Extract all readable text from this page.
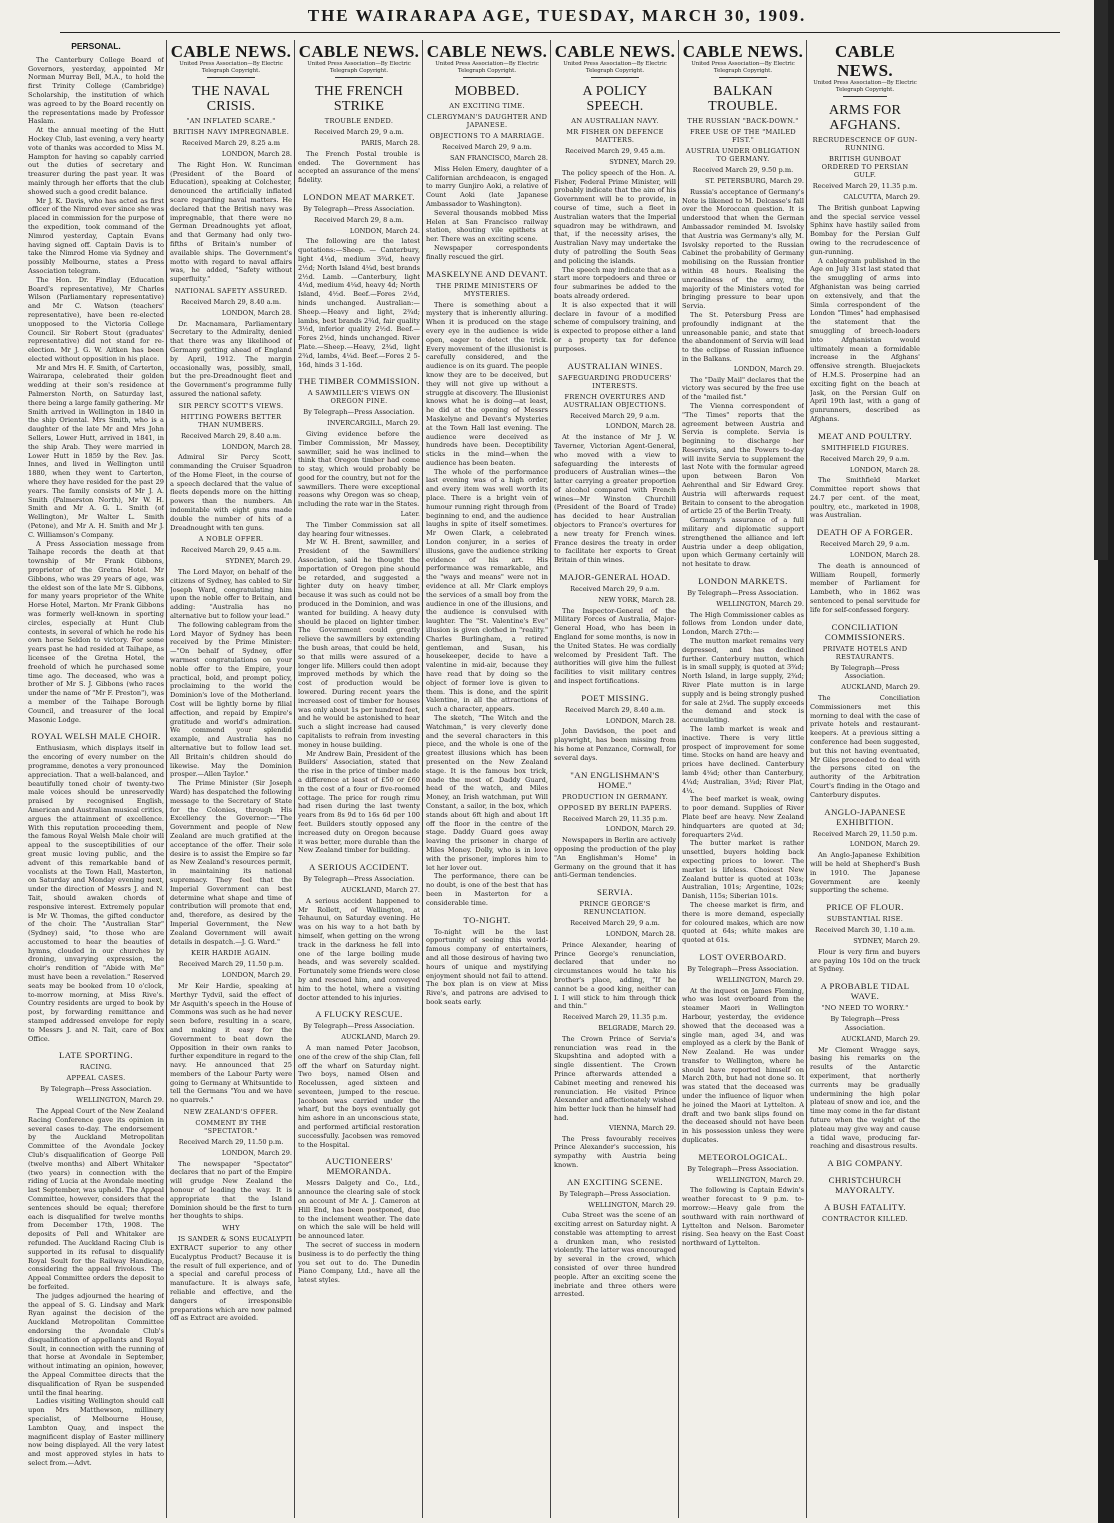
THE WAIRARAPA AGE, TUESDAY, MARCH 30, 1909.
PERSONAL.
The Canterbury College Board of Governors, yesterday, appointed Mr Norman Murray Bell, M.A., to hold the first Trinity College (Cambridge) Scholarship, the institution of which was agreed to by the Board recently on the representations made by Professor Haslam.
At the annual meeting of the Hutt Hockey Club, last evening, a very hearty vote of thanks was accorded to Miss M. Hampton for having so capably carried out the duties of secretary and treasurer during the past year. It was mainly through her efforts that the club showed such a good credit balance.
Mr J. K. Davis, who has acted as first officer of the Nimrod ever since she was placed in commission for the purpose of the expedition, took command of the Nimrod yesterday, Captain Evans having signed off. Captain Davis is to take the Nimrod Home via Sydney and possibly Melbourne, states a Press Association telegram.
The Hon. Dr. Findlay (Education Board's representative), Mr Charles Wilson (Parliamentary representative) and Mr C. Watson (teachers' representative), have been re-elected unopposed to the Victoria College Council. Sir Robert Stout (graduates' representative) did not stand for re-election. Mr J. G. W. Aitken has been elected without opposition in his place.
Mr and Mrs H. F. Smith, of Carterton, Wairarapa, celebrated their golden wedding at their son's residence at Palmerston North, on Saturday last, there being a large family gathering. Mr Smith arrived in Wellington in 1840 in the ship Oriental. Mrs Smith, who is a daughter of the late Mr and Mrs John Sellers, Lower Hutt, arrived in 1841, in the ship Arab. They were married in Lower Hutt in 1859 by the Rev. Jas. Innes, and lived in Wellington until 1880, when they went to Carterton, where they have resided for the past 29 years. The family consists of Mr J. A. Smith (Palmerston North), Mr W. H. Smith and Mr A. G. L. Smith (of Wellington), Mr Walter L. Smith (Petone), and Mr A. H. Smith and Mr J. C. Williamson's Company.
A Press Association message from Taihape records the death at that township of Mr Frank Gibbons, proprietor of the Gretna Hotel. Mr Gibbons, who was 29 years of age, was the eldest son of the late Mr S. Gibbons, for many years proprietor of the White Horse Hotel, Marton. Mr Frank Gibbons was formerly well-known in sporting circles, especially at Hunt Club contests, in several of which he rode his own horse Seldon to victory. For some years past he had resided at Taihape, as licensee of the Gretna Hotel, the freehold of which he purchased some time ago. The deceased, who was a brother of Mr S. J. Gibbons (who races under the name of "Mr F. Preston"), was a member of the Taihape Borough Council, and treasurer of the local Masonic Lodge.
ROYAL WELSH MALE CHOIR.
Enthusiasm, which displays itself in the encoring of every number on the programme, denotes a very pronounced appreciation. That a well-balanced, and beautifully toned choir of twenty-two male voices should be unreservedly praised by recognised English, American and Australian musical critics, argues the attainment of excellence. With this reputation proceeding them, the famous Royal Welsh Male choir will appeal to the susceptibilities of our great music loving public, and the advent of this remarkable band of vocalists at the Town Hall, Masterton, on Saturday and Monday evening next, under the direction of Messrs J. and N. Tait, should awaken chords of responsive interest. Extremely popular is Mr W. Thomas, the gifted conductor of the choir. The "Australian Star" (Sydney) said, "to those who are accustomed to hear the beauties of hymns, clouded in our churches by droning, unvarying expression, the choir's rendition of "Abide with Me" must have been a revelation." Reserved seats may be booked from 10 o'clock, to-morrow morning, at Miss Rive's. Country residents are urged to book by post, by forwarding remittance and stamped addressed envelope for reply to Messrs J. and N. Tait, care of Box Office.
LATE SPORTING.
RACING.
APPEAL CASES.
By Telegraph—Press Association.
WELLINGTON, March 29.
The Appeal Court of the New Zealand Racing Conference gave its opinion in several cases to-day. The endorsement by the Auckland Metropolitan Committee of the Avondale Jockey Club's disqualification of George Pell (twelve months) and Albert Whitaker (two years) in connection with the riding of Lucia at the Avondale meeting last September, was upheld. The Appeal Committee, however, considers that the sentences should be equal; therefore each is disqualified for twelve months from December 17th, 1908. The deposits of Pell and Whitaker are refunded. The Auckland Racing Club is supported in its refusal to disqualify Royal Soult for the Railway Handicap, considering the appeal frivolous. The Appeal Committee orders the deposit to be forfeited.
The judges adjourned the hearing of the appeal of S. G. Lindsay and Mark Ryan against the decision of the Auckland Metropolitan Committee endorsing the Avondale Club's disqualification of appellants and Royal Soult, in connection with the running of that horse at Avondale in September, without intimating an opinion, however, the Appeal Committee directs that the disqualification of Ryan be suspended until the final hearing.
Ladies visiting Wellington should call upon Mrs Matthewson, millinery specialist, of Melbourne House, Lambton Quay, and inspect the magnificent display of Easter millinery now being displayed. All the very latest and most approved styles in hats to select from.—Advt.
CABLE NEWS.
United Press Association—By Electric Telegraph Copyright.
THE NAVAL CRISIS.
"AN INFLATED SCARE."
BRITISH NAVY IMPREGNABLE.
Received March 29, 8.25 a.m
LONDON, March 28.
The Right Hon. W. Runciman (President of the Board of Education), speaking at Colchester, denounced the artificially inflated scare regarding naval matters. He declared that the British navy was impregnable, that there were no German Dreadnoughts yet afloat, and that Germany had only two-fifths of Britain's number of available ships. The Government's motto with regard to naval affairs was, he added, "Safety without superfluity."
NATIONAL SAFETY ASSURED.
Received March 29, 8.40 a.m.
LONDON, March 28.
Dr. Macnamara, Parliamentary Secretary to the Admiralty, denied that there was any likelihood of Germany getting ahead of England by April, 1912. The margin occasionally was, possibly, small, but the pre-Dreadnought fleet and the Government's programme fully assured the national safety.
SIR PERCY SCOTT'S VIEWS.
HITTING POWERS BETTER THAN NUMBERS.
Received March 29, 8.40 a.m.
LONDON, March 28.
Admiral Sir Percy Scott, commanding the Cruiser Squadron of the Home Fleet, in the course of a speech declared that the value of fleets depends more on the hitting powers than the numbers. An indomitable with eight guns made double the number of hits of a Dreadnought with ten guns.
A NOBLE OFFER.
Received March 29, 9.45 a.m.
SYDNEY, March 29.
The Lord Mayor, on behalf of the citizens of Sydney, has cabled to Sir Joseph Ward, congratulating him upon the noble offer to Britain, and adding: "Australia has no alternative but to follow your lead."
The following cablegram from the Lord Mayor of Sydney has been received by the Prime Minister:—"On behalf of Sydney, offer warmest congratulations on your noble offer to the Empire, your practical, bold, and prompt policy, proclaiming to the world the Dominion's love of the Motherland. Cost will be lightly borne by filial affection, and repaid by Empire's gratitude and world's admiration. We commend your splendid example, and Australia has no alternative but to follow lead set. All Britain's children should do likewise. May the Dominion prosper.—Allen Taylor."
The Prime Minister (Sir Joseph Ward) has despatched the following message to the Secretary of State for the Colonies, through His Excellency the Governor:—"The Government and people of New Zealand are much gratified at the acceptance of the offer. Their sole desire is to assist the Empire so far as New Zealand's resources permit, in maintaining its national supremacy. They feel that the Imperial Government can best determine what shape and time of contribution will promote that end, and, therefore, as desired by the Imperial Government, the New Zealand Government will await details in despatch.—J. G. Ward."
KEIR HARDIE AGAIN.
Received March 29, 11.50 p.m.
LONDON, March 29.
Mr Keir Hardie, speaking at Merthyr Tydvil, said the effect of Mr Asquith's speech in the House of Commons was such as he had never seen before, resulting in a scare, and making it easy for the Government to beat down the Opposition in their own ranks to further expenditure in regard to the navy. He announced that 25 members of the Labour Party were going to Germany at Whitsuntide to tell the Germans "You and we have no quarrels."
NEW ZEALAND'S OFFER.
COMMENT BY THE "SPECTATOR."
Received March 29, 11.50 p.m.
LONDON, March 29.
The newspaper "Spectator" declares that no part of the Empire will grudge New Zealand the honour of leading the way. It is appropriate that the Island Dominion should be the first to turn her thoughts to ships.
WHY
IS SANDER & SONS EUCALYPTI EXTRACT superior to any other Eucalyptus Product? Because it is the result of full experience, and of a special and careful process of manufacture. It is always safe, reliable and effective, and the dangers of irresponsible preparations which are now palmed off as Extract are avoided.
CABLE NEWS.
United Press Association—By Electric Telegraph Copyright.
THE FRENCH STRIKE
TROUBLE ENDED.
Received March 29, 9 a.m.
PARIS, March 28.
The French Postal trouble is ended. The Government has accepted an assurance of the mens' fidelity.
LONDON MEAT MARKET.
By Telegraph—Press Association.
Received March 29, 8 a.m.
LONDON, March 24.
The following are the latest quotations:—Sheep. — Canterbury, light 4¼d, medium 3¾d, heavy 2½d; North Island 4¼d, best brands 2½d. Lamb. —Canterbury, light 4¼d, medium 4¼d, heavy 4d; North Island, 4½d. Beef.—Fores 2½d, hinds unchanged. Australian:—Sheep.—Heavy and light, 2¾d; lambs, best brands 2¾d, fair quality 3½d, inferior quality 2½d. Beef.—Fores 2½d, hinds unchanged. River Plate.—Sheep.—Heavy, 2¾d, light 2¾d, lambs, 4¼d. Beef.—Fores 2 5-16d, hinds 3 1-16d.
THE TIMBER COMMISSION.
A SAWMILLER'S VIEWS ON OREGON PINE.
By Telegraph—Press Association.
INVERCARGILL, March 29.
Giving evidence before the Timber Commission, Mr Massey, sawmiller, said he was inclined to think that Oregon timber had come to stay, which would probably be good for the country, but not for the sawmillers. There were exceptional reasons why Oregon was so cheap, including the rate war in the States.
Later.
The Timber Commission sat all day hearing four witnesses.
Mr W. H. Brent, sawmiller, and President of the Sawmillers' Association, said he thought the importation of Oregon pine should be retarded, and suggested a lighter duty on heavy timber, because it was such as could not be produced in the Dominion, and was wanted for building. A heavy duty should be placed on lighter timber. The Government could greatly relieve the sawmillers by extending the bush areas, that could be held, so that mills were assured of a longer life. Millers could then adopt improved methods by which the cost of production would be lowered. During recent years the increased cost of timber for houses was only about 1s per hundred feet, and he would be astonished to hear such a slight increase had caused capitalists to refrain from investing money in house building.
Mr Andrew Bain, President of the Builders' Association, stated that the rise in the price of timber made a difference at least of £50 or £60 in the cost of a four or five-roomed cottage. The price for rough rimu had risen during the last twenty years from 8s 9d to 16s 6d per 100 feet. Builders stoutly opposed any increased duty on Oregon because it was better, more durable than the New Zealand timber for building.
A SERIOUS ACCIDENT.
By Telegraph—Press Association.
AUCKLAND, March 27.
A serious accident happened to Mr Rollett, of Wellington, at Tehaunui, on Saturday evening. He was on his way to a hot bath by himself, when getting on the wrong track in the darkness he fell into one of the large boiling mude heads, and was severely scalded. Fortunately some friends were close by and rescued him, and conveyed him to the hotel, where a visiting doctor attended to his injuries.
A FLUCKY RESCUE.
By Telegraph—Press Association.
AUCKLAND, March 29.
A man named Peter Jacobson, one of the crew of the ship Clan, fell off the wharf on Saturday night. Two boys, named Olsen and Rocelussen, aged sixteen and seventeen, jumped to the rescue. Jacobson was carried under the wharf, but the boys eventually got him ashore in an unconscious state, and performed artificial restoration successfully. Jacobsen was removed to the Hospital.
AUCTIONEERS' MEMORANDA.
Messrs Dalgety and Co., Ltd., announce the clearing sale of stock on account of Mr A. J. Cameron at Hill End, has been postponed, due to the inclement weather. The date on which the sale will be held will be announced later.
The secret of success in modern business is to do perfectly the thing you set out to do. The Dunedin Piano Company, Ltd., have all the latest styles.
CABLE NEWS.
United Press Association—By Electric Telegraph Copyright.
MOBBED.
AN EXCITING TIME.
CLERGYMAN'S DAUGHTER AND JAPANESE.
OBJECTIONS TO A MARRIAGE.
Received March 29, 9 a.m.
SAN FRANCISCO, March 28.
Miss Helen Emery, daughter of a Californian archdeacon, is engaged to marry Gunjiro Aoki, a relative of Count Aoki (late Japanese Ambassador to Washington).
Several thousands mobbed Miss Helen at San Francisco railway station, shouting vile epithets at her. There was an exciting scene.
Newspaper correspondents finally rescued the girl.
MASKELYNE AND DEVANT.
THE PRIME MINISTERS OF MYSTERIES.
There is something about a mystery that is inherently alluring. When it is produced on the stage every eye in the audience is wide open, eager to detect the trick. Every movement of the illusionist is carefully considered, and the audience is on its guard. The people know they are to be deceived, but they will not give up without a struggle at discovery. The Illusionist knows what he is doing—at least, he did at the opening of Messrs Maskelyne and Devant's Mysteries at the Town Hall last evening. The audience were deceived as hundreds have been. Deceptibility sticks in the mind—when the audience has been beaten.
The whole of the performance last evening was of a high order, and every item was well worth its place. There is a bright vein of humour running right through from beginning to end, and the audience laughs in spite of itself sometimes. Mr Owen Clark, a celebrated London conjurer, in a series of illusions, gave the audience striking evidence of his art. His performance was remarkable, and the "ways and means" were not in evidence at all. Mr Clark employs the services of a small boy from the audience in one of the illusions, and the audience is convulsed with laughter. The "St. Valentine's Eve" illusion is given clothed in "reality." Charles Burlingham, a retired gentleman, and Susan, his housekeeper, decide to have a valentine in mid-air, because they have read that by doing so the object of former love is given to them. This is done, and the spirit Valentine, in all the attractions of such a character, appears.
The sketch, "The Witch and the Watchman," is very cleverly done and the several characters in this piece, and the whole is one of the greatest illusions which has been presented on the New Zealand stage. It is the famous box trick, made the most of. Daddy Guard, head of the watch, and Miles Money, an Irish watchman, put Will Constant, a sailor, in the box, which stands about 6ft high and about 1ft off the floor in the centre of the stage. Daddy Guard goes away leaving the prisoner in charge of Miles Money. Dolly, who is in love with the prisoner, implores him to let her lover out.
The performance, there can be no doubt, is one of the best that has been in Masterton for a considerable time.
TO-NIGHT.
To-night will be the last opportunity of seeing this world-famous company of entertainers, and all those desirous of having two hours of unique and mystifying enjoyment should not fail to attend. The box plan is on view at Miss Rive's, and patrons are advised to book seats early.
CABLE NEWS.
United Press Association—By Electric Telegraph Copyright.
A POLICY SPEECH.
AN AUSTRALIAN NAVY.
MR FISHER ON DEFENCE MATTERS.
Received March 29, 9.45 a.m.
SYDNEY, March 29.
The policy speech of the Hon. A. Fisher, Federal Prime Minister, will probably indicate that the aim of his Government will be to provide, in course of time, such a fleet in Australian waters that the Imperial squadron may be withdrawn, and that, if the necessity arises, the Australian Navy may undertake the duty of patrolling the South Seas and policing the islands.
The speech may indicate that as a start more torpedoers and three or four submarines be added to the boats already ordered.
It is also expected that it will declare in favour of a modified scheme of compulsory training, and is expected to propose either a land or a property tax for defence purposes.
AUSTRALIAN WINES.
SAFEGUARDING PRODUCERS' INTERESTS.
FRENCH OVERTURES AND AUSTRALIAN OBJECTIONS.
Received March 29, 9 a.m.
LONDON, March 28.
At the instance of Mr J. W. Taverner, Victorian Agent-General, who moved with a view to safeguarding the interests of producers of Australian wines—the latter carrying a greater proportion of alcohol compared with French wines—Mr Winston Churchill (President of the Board of Trade) has decided to hear Australian objectors to France's overtures for a new treaty for French wines. France desires the treaty in order to facilitate her exports to Great Britain of thin wines.
MAJOR-GENERAL HOAD.
Received March 29, 9 a.m.
NEW YORK, March 28.
The Inspector-General of the Military Forces of Australia, Major-General Hoad, who has been in England for some months, is now in the United States. He was cordially welcomed by President Taft. The authorities will give him the fullest facilities to visit military centres and inspect fortifications.
POET MISSING.
Received March 29, 8.40 a.m.
LONDON, March 28.
John Davidson, the poet and playwright, has been missing from his home at Penzance, Cornwall, for several days.
"AN ENGLISHMAN'S HOME."
PRODUCTION IN GERMANY.
OPPOSED BY BERLIN PAPERS.
Received March 29, 11.35 p.m.
LONDON, March 29.
Newspapers in Berlin are actively opposing the production of the play "An Englishman's Home" in Germany on the ground that it has anti-German tendencies.
SERVIA.
PRINCE GEORGE'S RENUNCIATION.
Received March 29, 9 a.m.
LONDON, March 28.
Prince Alexander, hearing of Prince George's renunciation, declared that under no circumstances would he take his brother's place, adding, "If he cannot be a good king, neither can I. I will stick to him through thick and thin."
Received March 29, 11.35 p.m.
BELGRADE, March 29.
The Crown Prince of Servia's renunciation was read in the Skupshtina and adopted with a single dissentient. The Crown Prince afterwards attended a Cabinet meeting and renewed his renunciation. He visited Prince Alexander and affectionately wished him better luck than he himself had had.
VIENNA, March 29.
The Press favourably receives Prince Alexander's succession, his sympathy with Austria being known.
AN EXCITING SCENE.
By Telegraph—Press Association.
WELLINGTON, March 29.
Cuba Street was the scene of an exciting arrest on Saturday night. A constable was attempting to arrest a drunken man, who resisted violently. The latter was encouraged by several in the crowd, which consisted of over three hundred people. After an exciting scene the inebriate and three others were arrested.
CABLE NEWS.
United Press Association—By Electric Telegraph Copyright.
BALKAN TROUBLE.
THE RUSSIAN "BACK-DOWN."
FREE USE OF THE "MAILED FIST."
AUSTRIA UNDER OBLIGATION TO GERMANY.
Received March 29, 9.50 p.m.
ST. PETERSBURG, March 29.
Russia's acceptance of Germany's Note is likened to M. Delcasse's fall over the Moroccan question. It is understood that when the German Ambassador reminded M. Isvolsky that Austria was Germany's ally, M. Isvolsky reported to the Russian Cabinet the probability of Germany mobilising on the Russian frontier within 48 hours. Realising the unreadiness of the army, the majority of the Ministers voted for bringing pressure to bear upon Servia.
The St. Petersburg Press are profoundly indignant at the unreasonable panic, and state that the abandonment of Servia will lead to the eclipse of Russian influence in the Balkans.
LONDON, March 29.
The "Daily Mail" declares that the victory was secured by the free use of the "mailed fist."
The Vienna correspondent of "The Times" reports that the agreement between Austria and Servia is complete. Servia is beginning to discharge her Reservists, and the Powers to-day will invite Servia to supplement the last Note with the formular agreed upon between Baron Von Aehrenthal and Sir Edward Grey. Austria will afterwards request Britain to consent to the abrogation of article 25 of the Berlin Treaty.
Germany's assurance of a full military and diplomatic support strengthened the alliance and left Austria under a deep obligation, upon which Germany certainly will not hesitate to draw.
LONDON MARKETS.
By Telegraph—Press Association.
WELLINGTON, March 29.
The High Commissioner cables as follows from London under date, London, March 27th:—
The mutton market remains very depressed, and has declined further. Canterbury mutton, which is in small supply, is quoted at 3¾d; North Island, in large supply, 2¾d; River Plate mutton is in large supply and is being strongly pushed for sale at 2¼d. The supply exceeds the demand and stock is accumulating.
The lamb market is weak and inactive. There is very little prospect of improvement for some time. Stocks on hand are heavy and prices have declined. Canterbury lamb 4¼d; other than Canterbury, 4¼d; Australian, 3¼d; River Plat, 4¼.
The beef market is weak, owing to poor demand. Supplies of River Plate beef are heavy. New Zealand hindquarters are quoted at 3d; forequarters 2¼d.
The butter market is rather unsettled, buyers holding back expecting prices to lower. The market is lifeless. Choicest New Zealand butter is quoted at 103s; Australian, 101s; Argentine, 102s; Danish, 115s; Siberian 101s.
The cheese market is firm, and there is more demand, especially for coloured makes, which are now quoted at 64s; white makes are quoted at 61s.
LOST OVERBOARD.
By Telegraph—Press Association.
WELLINGTON, March 29.
At the inquest on James Fleming, who was lost overboard from the steamer Maori in Wellington Harbour, yesterday, the evidence showed that the deceased was a single man, aged 34, and was employed as a clerk by the Bank of New Zealand. He was under transfer to Wellington, where he should have reported himself on March 20th, but had not done so. It was stated that the deceased was under the influence of liquor when he joined the Maori at Lyttelton. A draft and two bank slips found on the deceased should not have been in his possession unless they were duplicates.
METEOROLOGICAL.
By Telegraph—Press Association.
WELLINGTON, March 29.
The following is Captain Edwin's weather forecast to 9 p.m. to-morrow:—Heavy gale from the southward with rain northward of Lyttelton and Nelson. Barometer rising. Sea heavy on the East Coast northward of Lyttelton.
CABLE NEWS.
United Press Association—By Electric Telegraph Copyright.
ARMS FOR AFGHANS.
RECRUDESCENCE OF GUN-RUNNING.
BRITISH GUNBOAT ORDERED TO PERSIAN GULF.
Received March 29, 11.35 p.m.
CALCUTTA, March 29.
The British gunboat Lapwing and the special service vessel Sphinx have hastily sailed from Bombay for the Persian Gulf owing to the recrudescence of gun-running.
A cablegram published in the Age on July 31st last stated that the smuggling of arms into Afghanistan was being carried on extensively, and that the Simla correspondent of the London "Times" had emphasised the statement that the smuggling of breech-loaders into Afghanistan would ultimately mean a formidable increase in the Afghans' offensive strength. Bluejackets of H.M.S. Proserpine had an exciting fight on the beach at Jask, on the Persian Gulf on April 19th last, with a gang of gunrunners, described as Afghans.
MEAT AND POULTRY.
SMITHFIELD FIGURES.
Received March 29, 9 a.m.
LONDON, March 28.
The Smithfield Market Committee report shows that 24.7 per cent. of the meat, poultry, etc., marketed in 1908, was Australian.
DEATH OF A FORGER.
Received March 29, 9 a.m.
LONDON, March 28.
The death is announced of William Roupell, formerly member of Parliament for Lambeth, who in 1862 was sentenced to penal servitude for life for self-confessed forgery.
CONCILIATION COMMISSIONERS.
PRIVATE HOTELS AND RESTAURANTS.
By Telegraph—Press Association.
AUCKLAND, March 29.
The Conciliation Commissioners met this morning to deal with the case of private hotels and restaurant-keepers. At a previous sitting a conference had been suggested, but this not having eventuated, Mr Giles proceeded to deal with the persons cited on the authority of the Arbitration Court's finding in the Otago and Canterbury disputes.
ANGLO-JAPANESE EXHIBITION.
Received March 29, 11.50 p.m.
LONDON, March 29.
An Anglo-Japanese Exhibition will be held at Shepherd's Bush in 1910. The Japanese Government are keenly supporting the scheme.
PRICE OF FLOUR.
SUBSTANTIAL RISE.
Received March 30, 1.10 a.m.
SYDNEY, March 29.
Flour is very firm and buyers are paying 10s 10d on the truck at Sydney.
A PROBABLE TIDAL WAVE.
"NO NEED TO WORRY."
By Telegraph—Press Association.
AUCKLAND, March 29.
Mr Clement Wragge says, basing his remarks on the results of the Antarctic experiment, that northerly currents may be gradually undermining the high polar plateau of snow and ice, and the time may come in the far distant future when the weight of the plateau may give way and cause a tidal wave, producing far-reaching and disastrous results.
A BIG COMPANY.
CHRISTCHURCH MAYORALTY.
A BUSH FATALITY.
CONTRACTOR KILLED.
